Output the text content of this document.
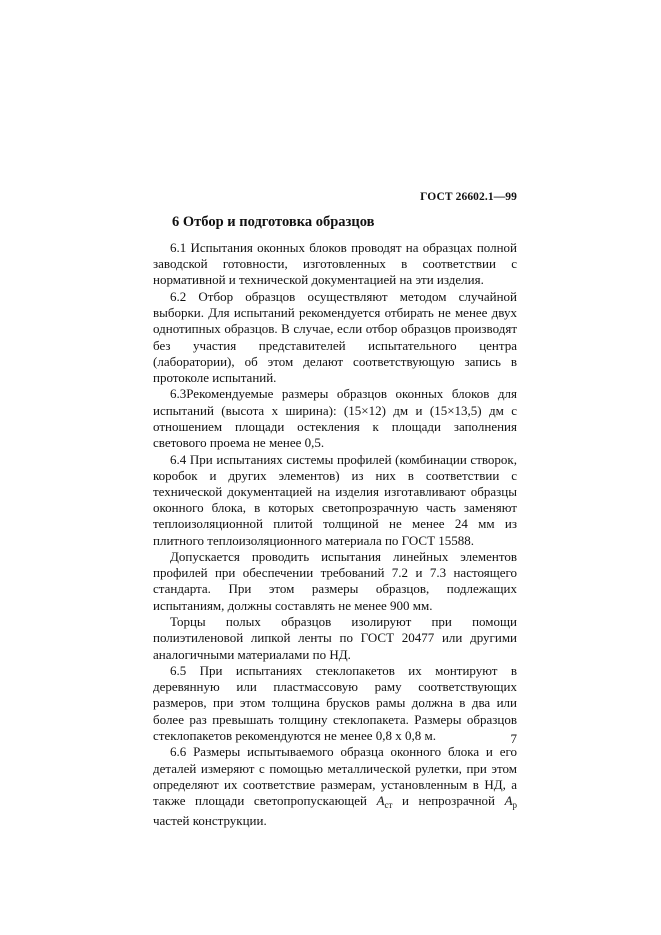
ГОСТ 26602.1—99
6 Отбор и подготовка образцов

6.1 Испытания оконных блоков проводят на образцах полной заводской готовности, изготовленных в соответствии с нормативной и технической документацией на эти изделия.

6.2 Отбор образцов осуществляют методом случайной выборки. Для испытаний рекомендуется отбирать не менее двух однотипных образцов. В случае, если отбор образцов производят без участия представителей испытательного центра (лаборатории), об этом делают соответствующую запись в протоколе испытаний.

6.3Рекомендуемые размеры образцов оконных блоков для испытаний (высота х ширина): (15×12) дм и (15×13,5) дм с отношением площади остекления к площади заполнения светового проема не менее 0,5.

6.4 При испытаниях системы профилей (комбинации створок, коробок и других элементов) из них в соответствии с технической документацией на изделия изготавливают образцы оконного блока, в которых светопрозрачную часть заменяют теплоизоляционной плитой толщиной не менее 24 мм из плитного теплоизоляционного материала по ГОСТ 15588.

Допускается проводить испытания линейных элементов профилей при обеспечении требований 7.2 и 7.3 настоящего стандарта. При этом размеры образцов, подлежащих испытаниям, должны составлять не менее 900 мм.

Торцы полых образцов изолируют при помощи полиэтиленовой липкой ленты по ГОСТ 20477 или другими аналогичными материалами по НД.

6.5 При испытаниях стеклопакетов их монтируют в деревянную или пластмассовую раму соответствующих размеров, при этом толщина брусков рамы должна в два или более раз превышать толщину стеклопакета. Размеры образцов стеклопакетов рекомендуются не менее 0,8 х 0,8 м.

6.6 Размеры испытываемого образца оконного блока и его деталей измеряют с помощью металлической рулетки, при этом определяют их соответствие размерам, установленным в НД, а также площади светопропускающей $A_{ст}$ и непрозрачной $A_р$ частей конструкции.

7
